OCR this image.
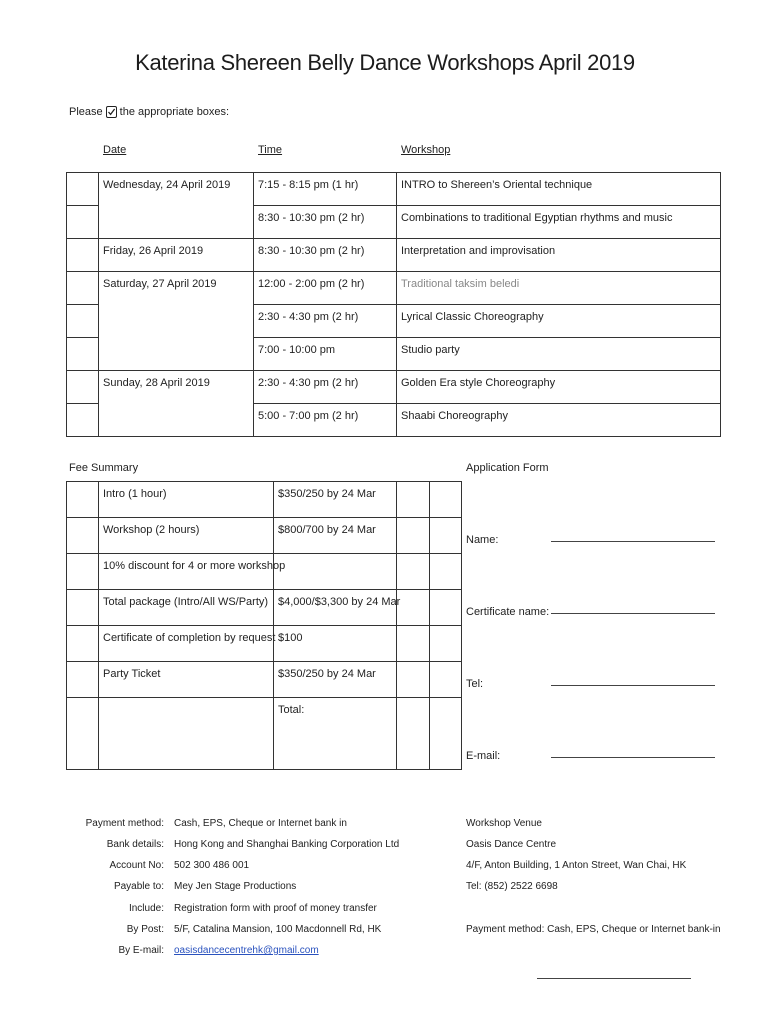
Katerina Shereen Belly Dance Workshops April 2019
Please the appropriate boxes:
Date	Time	Workshop
Wednesday, 24 April 2019
Friday, 26 April 2019
Saturday, 27 April 2019
Sunday, 28 April 2019
7:15 - 8:15 pm (1 hr)
8:30 - 10:30 pm (2 hr)
8:30 - 10:30 pm (2 hr)
12:00 - 2:00 pm (2 hr)
2:30 - 4:30 pm (2 hr)
7:00 - 10:00 pm
2:30 - 4:30 pm (2 hr)
5:00 - 7:00 pm (2 hr)
INTRO to Shereen’s Oriental technique
Combinations to traditional Egyptian rhythms and music
Interpretation and improvisation
Traditional taksim beledi
Lyrical Classic Choreography
Studio party
Golden Era style Choreography
Shaabi Choreography
Fee Summary
Intro (1 hour)
Workshop (2 hours)
10% discount for 4 or more workshop
Total package (Intro/All WS/Party)
Certificate of completion by request
Party Ticket
$350/250 by 24 Mar
$800/700 by 24 Mar
$4,000/$3,300 by 24 Mar
$100
$350/250 by 24 Mar
Total:
Application Form
Name:
Certificate name:
Tel:
E-mail:
Payment method:
Bank details:
Account No:
Payable to:
Include:
By Post:
By E-mail:
Cash, EPS, Cheque or Internet bank in
Hong Kong and Shanghai Banking Corporation Ltd
502 300 486 001
Mey Jen Stage Productions
Registration form with proof of money transfer
5/F, Catalina Mansion, 100 Macdonnell Rd, HK
oasisdancecentrehk@gmail.com
Workshop Venue
Oasis Dance Centre
4/F, Anton Building, 1 Anton Street, Wan Chai, HK
Tel: (852) 2522 6698
Payment method: Cash, EPS, Cheque or Internet bank-in
